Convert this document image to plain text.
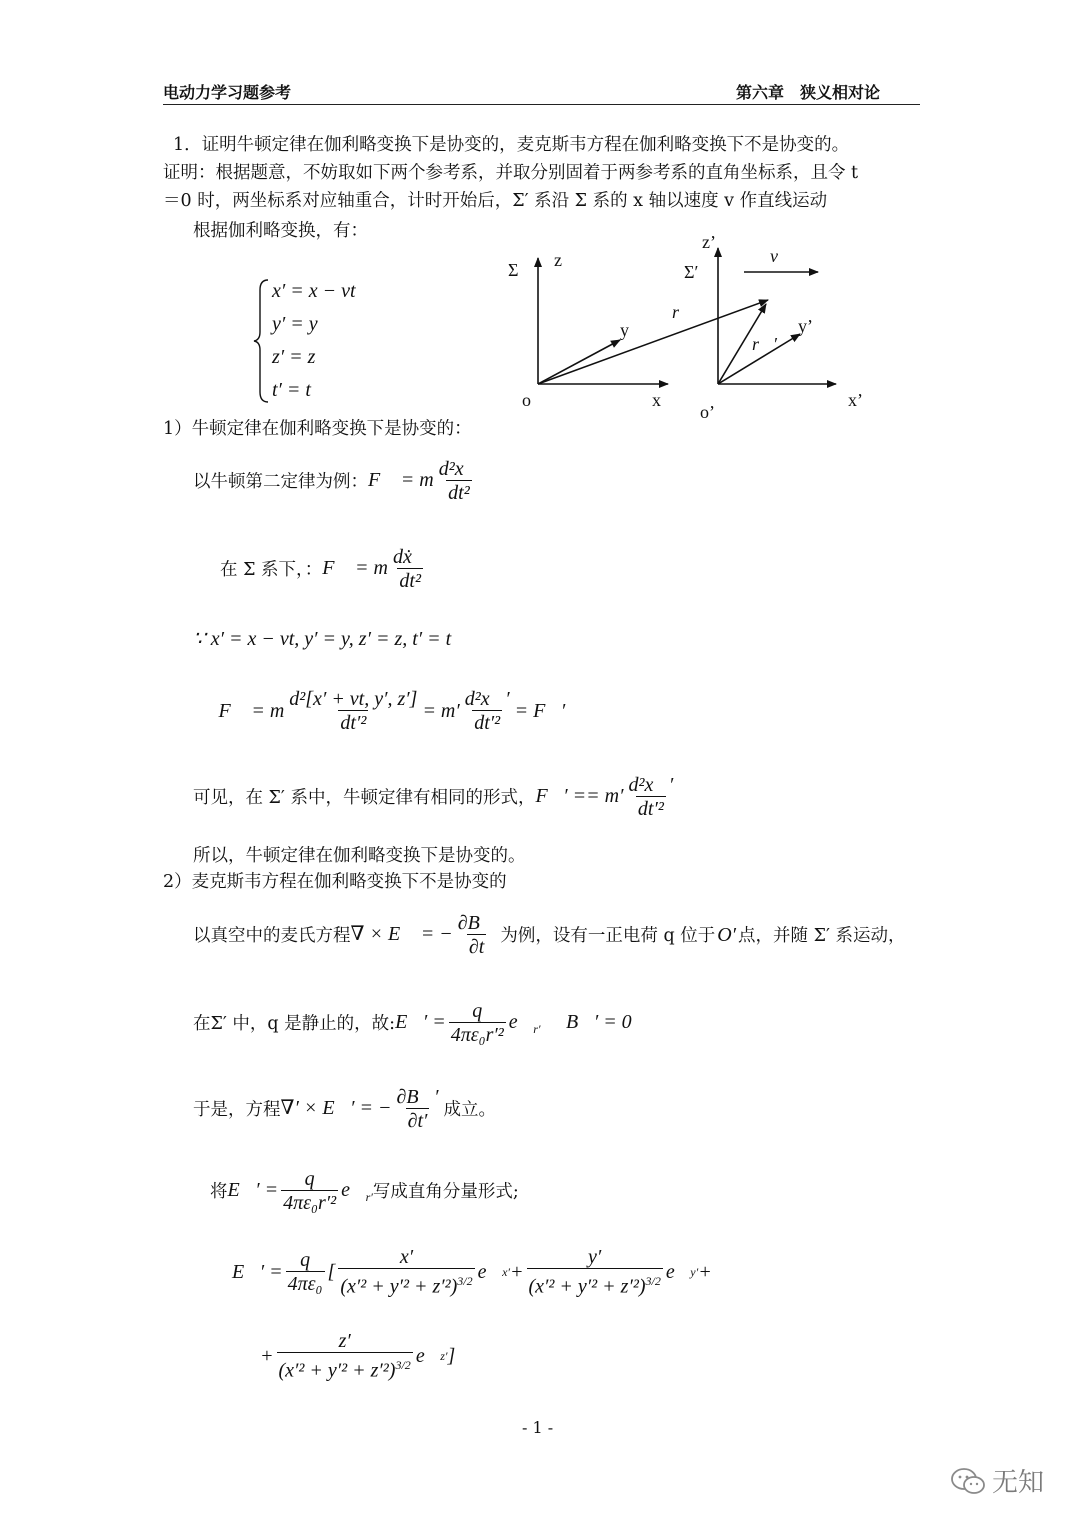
电动力学习题参考	第六章　狭义相对论
1．证明牛顿定律在伽利略变换下是协变的，麦克斯韦方程在伽利略变换下不是协变的。
证明：根据题意，不妨取如下两个参考系，并取分别固着于两参考系的直角坐标系，且令 t
＝0 时，两坐标系对应轴重合，计时开始后，Σ′ 系沿 Σ 系的 x 轴以速度 v 作直线运动
根据伽利略变换，有：
x′ = x − vt
y′ = y
z′ = z
t′ = t
Σ z
y
x
o
r⃗
Σ′
z’
y’
x’
o’
r⃗′
v⃗
1）牛顿定律在伽利略变换下是协变的：
以牛顿第二定律为例： F⃗ = m $\frac{\text{d²x⃗}}{\text{dt²}}$
在 Σ 系下，： F⃗ = m $\frac{\text{dẋ⃗}}{\text{dt²}}$
∵ x′ = x − vt, y′ = y, z′ = z, t′ = t
∴ F⃗ = m $\frac{\text{d²[x′ + vt, y′, z′]}}{\text{dt′²}} = m' \frac{\text{d²x⃗′}}{\text{dt′²}}$ = F⃗′
可见，在 Σ′ 系中，牛顿定律有相同的形式， F⃗′ == $m' \frac{\text{d²x⃗′}}{\text{dt′²}}$
所以，牛顿定律在伽利略变换下是协变的。
2）麦克斯韦方程在伽利略变换下不是协变的
以真空中的麦氏方程 ∇ × E⃗ = − $\frac{\partial B⃗}{\partial t}$ 为例，设有一正电荷 q 位于 O′ 点，并随 Σ′ 系运动，
在Σ′ 中，q 是静止的，故: E⃗′ = $\frac{q}{\text{4πε₀r′²}}$ $e⃗_{r'}$ ， B⃗′ = 0
于是，方程 ∇′ × E⃗′ = − $\frac{\partial B⃗'}{\partial t'}$ 成立。
将 E⃗′ = $\frac{q}{\text{4πε₀r′²}}$ $e⃗_{r'}$ 写成直角分量形式;
E⃗′ = $\frac{q}{\text{4πε₀}}$ [ $\frac{x'}{(x'^2 + y'^2 + z'^2)^{3/2}}$ e⃗ $x' + \frac{y'}{(x'^2 + y'^2 + z'^2)^{3/2}}$ e⃗ y′ +
+ $\frac{z'}{(x'^2 + y'^2 + z'^2)^{3/2}}$ e⃗ z′ ]
- 1 -
无知
